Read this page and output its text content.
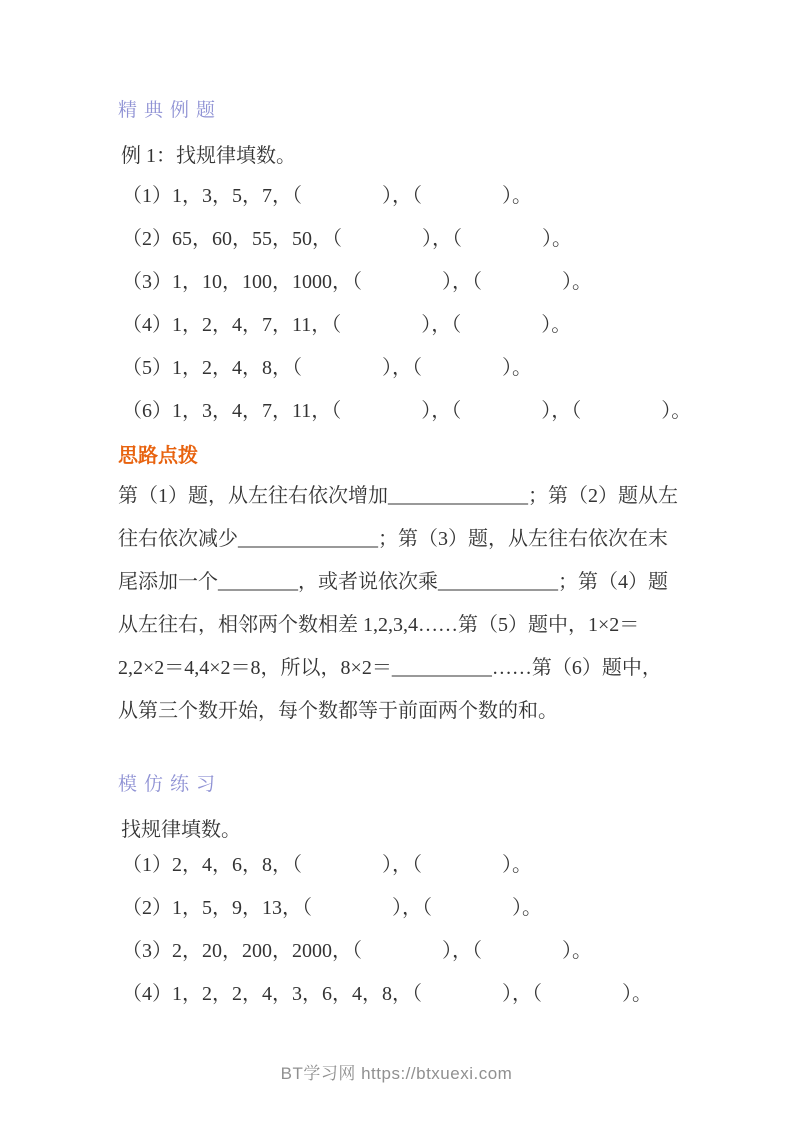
精典例题

例 1：找规律填数。

（1）1，3，5，7，（　　　　），（　　　　）。
（2）65，60，55，50，（　　　　），（　　　　）。
（3）1，10，100，1000，（　　　　），（　　　　）。
（4）1，2，4，7，11，（　　　　），（　　　　）。
（5）1，2，4，8，（　　　　），（　　　　）。
（6）1，3，4，7，11，（　　　　），（　　　　），（　　　　）。
思路点拨
第（1）题，从左往右依次增加______________；第（2）题从左
往右依次减少______________；第（3）题，从左往右依次在末
尾添加一个________，或者说依次乘____________；第（4）题
从左往右，相邻两个数相差 1,2,3,4……第（5）题中，1×2＝
2,2×2＝4,4×2＝8，所以，8×2＝__________……第（6）题中，
从第三个数开始，每个数都等于前面两个数的和。
模仿练习

找规律填数。

（1）2，4，6，8，（　　　　），（　　　　）。
（2）1，5，9，13，（　　　　），（　　　　）。
（3）2，20，200，2000，（　　　　），（　　　　）。
（4）1，2，2，4，3，6，4，8，（　　　　），（　　　　）。
BT学习网 https://btxuexi.com
